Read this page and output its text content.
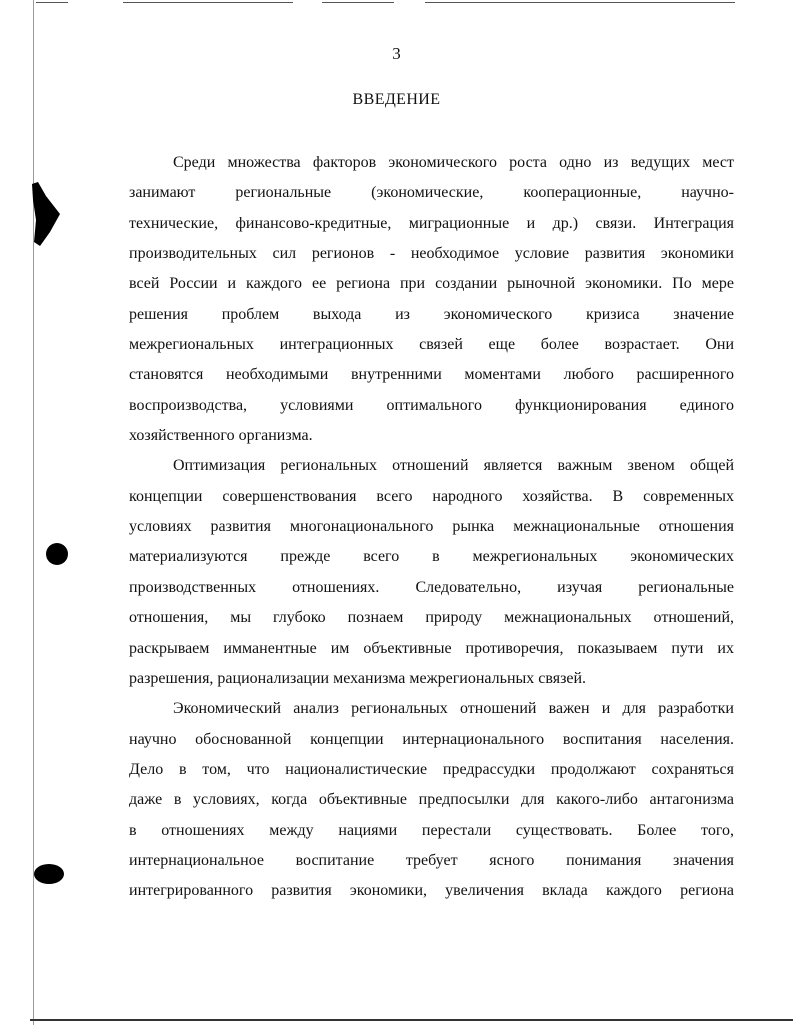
3
ВВЕДЕНИЕ

Среди множества факторов экономического роста одно из ведущих мест
занимают региональные (экономические, кооперационные, научно-
технические, финансово-кредитные, миграционные и др.) связи. Интеграция
производительных сил регионов - необходимое условие развития экономики
всей России и каждого ее региона при создании рыночной экономики. По мере
решения проблем выхода из экономического кризиса значение
межрегиональных интеграционных связей еще более возрастает. Они
становятся необходимыми внутренними моментами любого расширенного
воспроизводства, условиями оптимального функционирования единого
хозяйственного организма.

Оптимизация региональных отношений является важным звеном общей
концепции совершенствования всего народного хозяйства. В современных
условиях развития многонационального рынка межнациональные отношения
материализуются прежде всего в межрегиональных экономических
производственных отношениях. Следовательно, изучая региональные
отношения, мы глубоко познаем природу межнациональных отношений,
раскрываем имманентные им объективные противоречия, показываем пути их
разрешения, рационализации механизма межрегиональных связей.

Экономический анализ региональных отношений важен и для разработки
научно обоснованной концепции интернационального воспитания населения.
Дело в том, что националистические предрассудки продолжают сохраняться
даже в условиях, когда объективные предпосылки для какого-либо антагонизма
в отношениях между нациями перестали существовать. Более того,
интернациональное воспитание требует ясного понимания значения
интегрированного развития экономики, увеличения вклада каждого региона
